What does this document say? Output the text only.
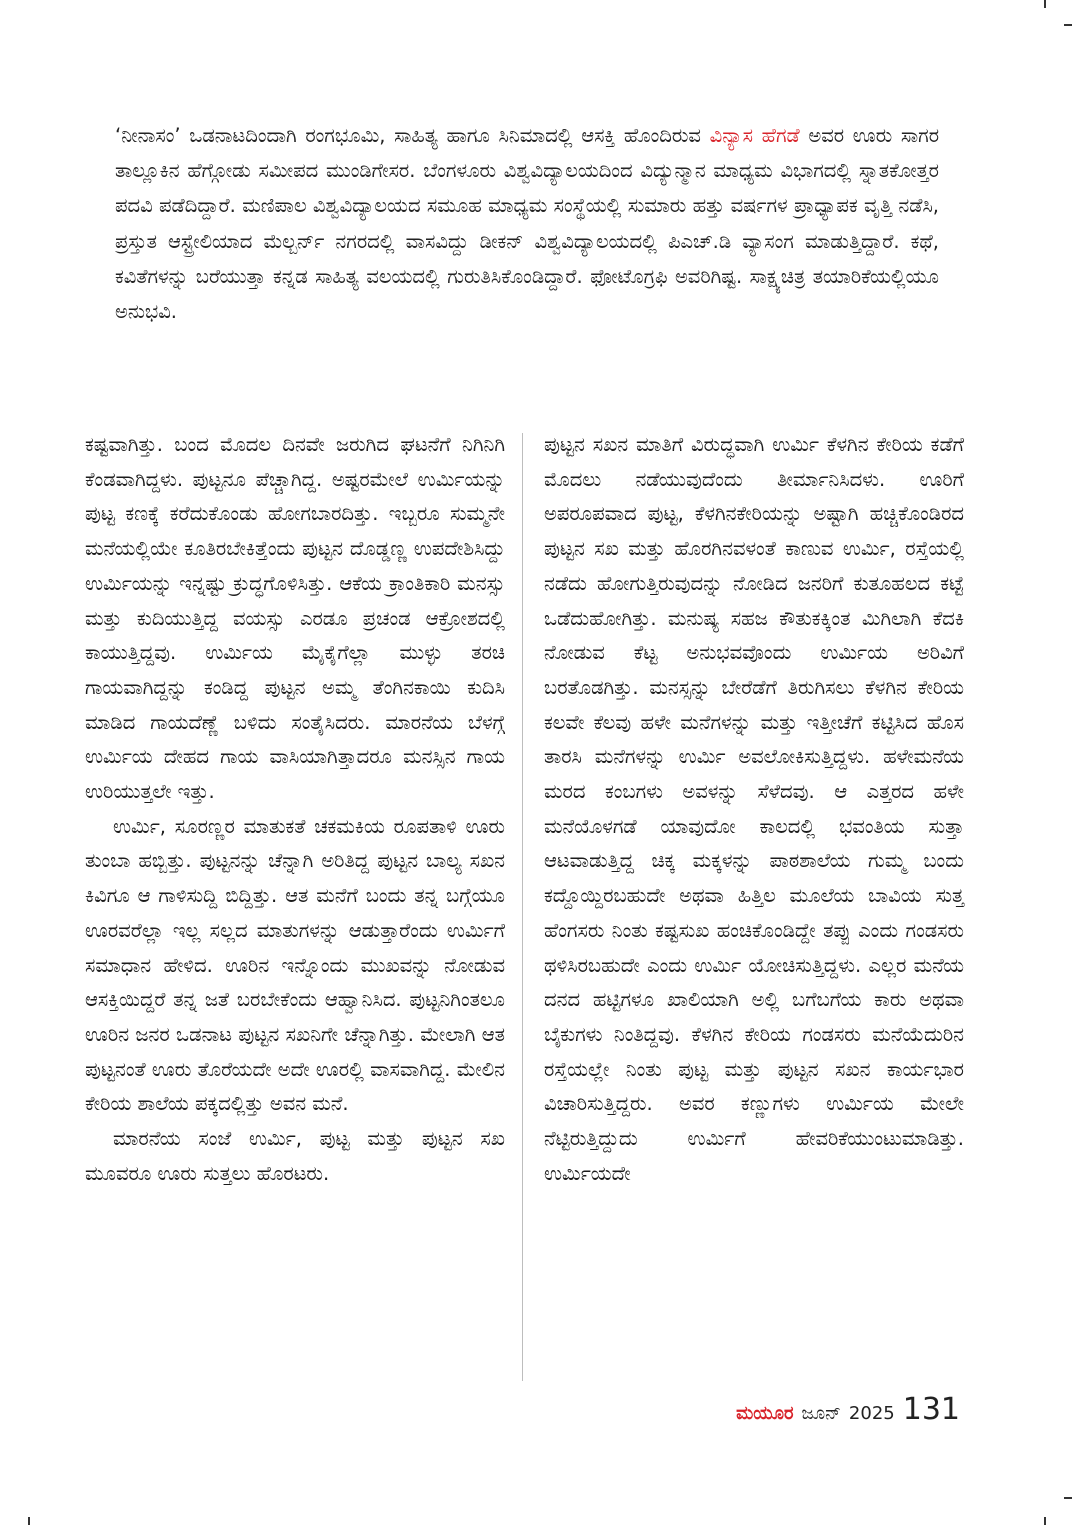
‘ನೀನಾಸಂ’ ಒಡನಾಟದಿಂದಾಗಿ ರಂಗಭೂಮಿ, ಸಾಹಿತ್ಯ ಹಾಗೂ ಸಿನಿಮಾದಲ್ಲಿ ಆಸಕ್ತಿ ಹೊಂದಿರುವ ವಿನ್ಯಾಸ ಹೆಗಡೆ ಅವರ ಊರು ಸಾಗರ ತಾಲ್ಲೂಕಿನ ಹೆಗ್ಗೋಡು ಸಮೀಪದ ಮುಂಡಿಗೇಸರ. ಬೆಂಗಳೂರು ವಿಶ್ವವಿದ್ಯಾಲಯದಿಂದ ವಿದ್ಯುನ್ಮಾನ ಮಾಧ್ಯಮ ವಿಭಾಗದಲ್ಲಿ ಸ್ನಾತಕೋತ್ತರ ಪದವಿ ಪಡೆದಿದ್ದಾರೆ. ಮಣಿಪಾಲ ವಿಶ್ವವಿದ್ಯಾಲಯದ ಸಮೂಹ ಮಾಧ್ಯಮ ಸಂಸ್ಥೆಯಲ್ಲಿ ಸುಮಾರು ಹತ್ತು ವರ್ಷಗಳ ಪ್ರಾಧ್ಯಾಪಕ ವೃತ್ತಿ ನಡೆಸಿ, ಪ್ರಸ್ತುತ ಆಸ್ಟ್ರೇಲಿಯಾದ ಮೆಲ್ಬರ್ನ್ ನಗರದಲ್ಲಿ ವಾಸವಿದ್ದು ಡೀಕನ್ ವಿಶ್ವವಿದ್ಯಾಲಯದಲ್ಲಿ ಪಿಎಚ್.ಡಿ ವ್ಯಾಸಂಗ ಮಾಡುತ್ತಿದ್ದಾರೆ. ಕಥೆ, ಕವಿತೆಗಳನ್ನು ಬರೆಯುತ್ತಾ ಕನ್ನಡ ಸಾಹಿತ್ಯ ವಲಯದಲ್ಲಿ ಗುರುತಿಸಿಕೊಂಡಿದ್ದಾರೆ. ಫೋಟೊಗ್ರಫಿ ಅವರಿಗಿಷ್ಟ. ಸಾಕ್ಷ್ಯಚಿತ್ರ ತಯಾರಿಕೆಯಲ್ಲಿಯೂ ಅನುಭವಿ.

ಕಷ್ಟವಾಗಿತ್ತು. ಬಂದ ಮೊದಲ ದಿನವೇ ಜರುಗಿದ ಘಟನೆಗೆ ನಿಗಿನಿಗಿ ಕೆಂಡವಾಗಿದ್ದಳು. ಪುಟ್ಟನೂ ಪೆಚ್ಚಾಗಿದ್ದ. ಅಷ್ಟರಮೇಲೆ ಉರ್ಮಿಯನ್ನು ಪುಟ್ಟ ಕಣಕ್ಕೆ ಕರೆದುಕೊಂಡು ಹೋಗಬಾರದಿತ್ತು. ಇಬ್ಬರೂ ಸುಮ್ಮನೇ ಮನೆಯಲ್ಲಿಯೇ ಕೂತಿರಬೇಕಿತ್ತೆಂದು ಪುಟ್ಟನ ದೊಡ್ಡಣ್ಣ ಉಪದೇಶಿಸಿದ್ದು ಉರ್ಮಿಯನ್ನು ಇನ್ನಷ್ಟು ಕ್ರುದ್ಧಗೊಳಿಸಿತ್ತು. ಆಕೆಯ ಕ್ರಾಂತಿಕಾರಿ ಮನಸ್ಸು ಮತ್ತು ಕುದಿಯುತ್ತಿದ್ದ ವಯಸ್ಸು ಎರಡೂ ಪ್ರಚಂಡ ಆಕ್ರೋಶದಲ್ಲಿ ಕಾಯುತ್ತಿದ್ದವು. ಉರ್ಮಿಯ ಮೈಕೈಗೆಲ್ಲಾ ಮುಳ್ಳು ತರಚಿ ಗಾಯವಾಗಿದ್ದನ್ನು ಕಂಡಿದ್ದ ಪುಟ್ಟನ ಅಮ್ಮ ತೆಂಗಿನಕಾಯಿ ಕುದಿಸಿ ಮಾಡಿದ ಗಾಯದೆಣ್ಣೆ ಬಳಿದು ಸಂತೈಸಿದರು. ಮಾರನೆಯ ಬೆಳಗ್ಗೆ ಉರ್ಮಿಯ ದೇಹದ ಗಾಯ ವಾಸಿಯಾಗಿತ್ತಾದರೂ ಮನಸ್ಸಿನ ಗಾಯ ಉರಿಯುತ್ತಲೇ ಇತ್ತು.

ಉರ್ಮಿ, ಸೂರಣ್ಣರ ಮಾತುಕತೆ ಚಕಮಕಿಯ ರೂಪತಾಳಿ ಊರು ತುಂಬಾ ಹಬ್ಬಿತ್ತು. ಪುಟ್ಟನನ್ನು ಚೆನ್ನಾಗಿ ಅರಿತಿದ್ದ ಪುಟ್ಟನ ಬಾಲ್ಯ ಸಖನ ಕಿವಿಗೂ ಆ ಗಾಳಿಸುದ್ದಿ ಬಿದ್ದಿತ್ತು. ಆತ ಮನೆಗೆ ಬಂದು ತನ್ನ ಬಗ್ಗೆಯೂ ಊರವರೆಲ್ಲಾ ಇಲ್ಲ ಸಲ್ಲದ ಮಾತುಗಳನ್ನು ಆಡುತ್ತಾರೆಂದು ಉರ್ಮಿಗೆ ಸಮಾಧಾನ ಹೇಳಿದ. ಊರಿನ ಇನ್ನೊಂದು ಮುಖವನ್ನು ನೋಡುವ ಆಸಕ್ತಿಯಿದ್ದರೆ ತನ್ನ ಜತೆ ಬರಬೇಕೆಂದು ಆಹ್ವಾನಿಸಿದ. ಪುಟ್ಟನಿಗಿಂತಲೂ ಊರಿನ ಜನರ ಒಡನಾಟ ಪುಟ್ಟನ ಸಖನಿಗೇ ಚೆನ್ನಾಗಿತ್ತು. ಮೇಲಾಗಿ ಆತ ಪುಟ್ಟನಂತೆ ಊರು ತೊರೆಯದೇ ಅದೇ ಊರಲ್ಲಿ ವಾಸವಾಗಿದ್ದ. ಮೇಲಿನ ಕೇರಿಯ ಶಾಲೆಯ ಪಕ್ಕದಲ್ಲಿತ್ತು ಅವನ ಮನೆ.

ಮಾರನೆಯ ಸಂಜೆ ಉರ್ಮಿ, ಪುಟ್ಟ ಮತ್ತು ಪುಟ್ಟನ ಸಖ ಮೂವರೂ ಊರು ಸುತ್ತಲು ಹೊರಟರು.

ಪುಟ್ಟನ ಸಖನ ಮಾತಿಗೆ ವಿರುದ್ಧವಾಗಿ ಉರ್ಮಿ ಕೆಳಗಿನ ಕೇರಿಯ ಕಡೆಗೆ ಮೊದಲು ನಡೆಯುವುದೆಂದು ತೀರ್ಮಾನಿಸಿದಳು. ಊರಿಗೆ ಅಪರೂಪವಾದ ಪುಟ್ಟ, ಕೆಳಗಿನಕೇರಿಯನ್ನು ಅಷ್ಟಾಗಿ ಹಚ್ಚಿಕೊಂಡಿರದ ಪುಟ್ಟನ ಸಖ ಮತ್ತು ಹೊರಗಿನವಳಂತೆ ಕಾಣುವ ಉರ್ಮಿ, ರಸ್ತೆಯಲ್ಲಿ ನಡೆದು ಹೋಗುತ್ತಿರುವುದನ್ನು ನೋಡಿದ ಜನರಿಗೆ ಕುತೂಹಲದ ಕಟ್ಟೆ ಒಡೆದುಹೋಗಿತ್ತು. ಮನುಷ್ಯ ಸಹಜ ಕೌತುಕಕ್ಕಿಂತ ಮಿಗಿಲಾಗಿ ಕೆದಕಿ ನೋಡುವ ಕೆಟ್ಟ ಅನುಭವವೊಂದು ಉರ್ಮಿಯ ಅರಿವಿಗೆ ಬರತೊಡಗಿತ್ತು. ಮನಸ್ಸನ್ನು ಬೇರೆಡೆಗೆ ತಿರುಗಿಸಲು ಕೆಳಗಿನ ಕೇರಿಯ ಕಲವೇ ಕೆಲವು ಹಳೇ ಮನೆಗಳನ್ನು ಮತ್ತು ಇತ್ತೀಚೆಗೆ ಕಟ್ಟಿಸಿದ ಹೊಸ ತಾರಸಿ ಮನೆಗಳನ್ನು ಉರ್ಮಿ ಅವಲೋಕಿಸುತ್ತಿದ್ದಳು. ಹಳೇಮನೆಯ ಮರದ ಕಂಬಗಳು ಅವಳನ್ನು ಸೆಳೆದವು. ಆ ಎತ್ತರದ ಹಳೇ ಮನೆಯೊಳಗಡೆ ಯಾವುದೋ ಕಾಲದಲ್ಲಿ ಭವಂತಿಯ ಸುತ್ತಾ ಆಟವಾಡುತ್ತಿದ್ದ ಚಿಕ್ಕ ಮಕ್ಕಳನ್ನು ಪಾಠಶಾಲೆಯ ಗುಮ್ಮ ಬಂದು ಕದ್ದೊಯ್ದಿರಬಹುದೇ ಅಥವಾ ಹಿತ್ತಿಲ ಮೂಲೆಯ ಬಾವಿಯ ಸುತ್ತ ಹೆಂಗಸರು ನಿಂತು ಕಷ್ಟಸುಖ ಹಂಚಿಕೊಂಡಿದ್ದೇ ತಪ್ಪು ಎಂದು ಗಂಡಸರು ಥಳಿಸಿರಬಹುದೇ ಎಂದು ಉರ್ಮಿ ಯೋಚಿಸುತ್ತಿದ್ದಳು. ಎಲ್ಲರ ಮನೆಯ ದನದ ಹಟ್ಟಿಗಳೂ ಖಾಲಿಯಾಗಿ ಅಲ್ಲಿ ಬಗೆಬಗೆಯ ಕಾರು ಅಥವಾ ಬೈಕುಗಳು ನಿಂತಿದ್ದವು. ಕೆಳಗಿನ ಕೇರಿಯ ಗಂಡಸರು ಮನೆಯೆದುರಿನ ರಸ್ತೆಯಲ್ಲೇ ನಿಂತು ಪುಟ್ಟ ಮತ್ತು ಪುಟ್ಟನ ಸಖನ ಕಾರ್ಯಭಾರ ವಿಚಾರಿಸುತ್ತಿದ್ದರು. ಅವರ ಕಣ್ಣುಗಳು ಉರ್ಮಿಯ ಮೇಲೇ ನೆಟ್ಟಿರುತ್ತಿದ್ದುದು ಉರ್ಮಿಗೆ ಹೇವರಿಕೆಯುಂಟುಮಾಡಿತ್ತು. ಉರ್ಮಿಯದೇ

ಮಯೂರ ಜೂನ್ 2025 131
